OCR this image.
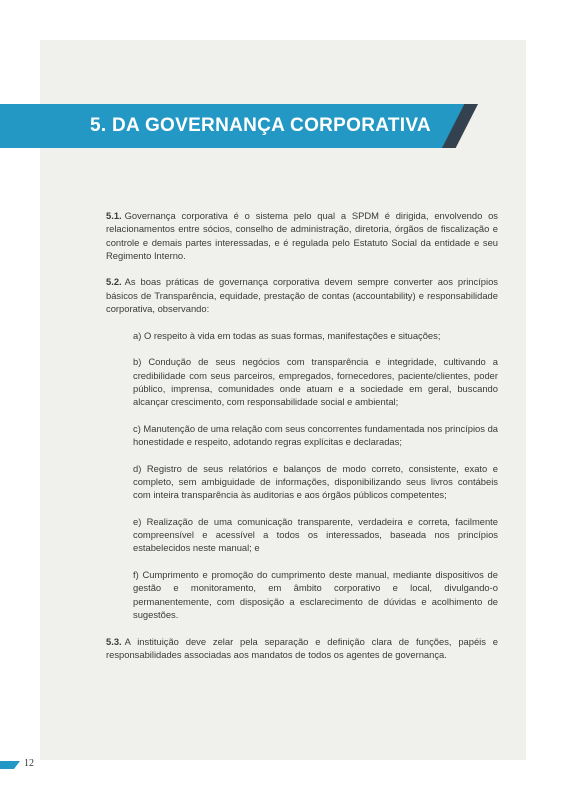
5. DA GOVERNANÇA CORPORATIVA

5.1. Governança corporativa é o sistema pelo qual a SPDM é dirigida, envolvendo os relacionamentos entre sócios, conselho de administração, diretoria, órgãos de fiscalização e controle e demais partes interessadas, e é regulada pelo Estatuto Social da entidade e seu Regimento Interno.

5.2. As boas práticas de governança corporativa devem sempre converter aos princípios básicos de Transparência, equidade, prestação de contas (accountability) e responsabilidade corporativa, observando:

a) O respeito à vida em todas as suas formas, manifestações e situações;

b) Condução de seus negócios com transparência e integridade, cultivando a credibilidade com seus parceiros, empregados, fornecedores, paciente/clientes, poder público, imprensa, comunidades onde atuam e a sociedade em geral, buscando alcançar crescimento, com responsabilidade social e ambiental;

c) Manutenção de uma relação com seus concorrentes fundamentada nos princípios da honestidade e respeito, adotando regras explícitas e declaradas;

d) Registro de seus relatórios e balanços de modo correto, consistente, exato e completo, sem ambiguidade de informações, disponibilizando seus livros contábeis com inteira transparência às auditorias e aos órgãos públicos competentes;

e) Realização de uma comunicação transparente, verdadeira e correta, facilmente compreensível e acessível a todos os interessados, baseada nos princípios estabelecidos neste manual; e

f) Cumprimento e promoção do cumprimento deste manual, mediante dispositivos de gestão e monitoramento, em âmbito corporativo e local, divulgando-o permanentemente, com disposição a esclarecimento de dúvidas e acolhimento de sugestões.

5.3. A instituição deve zelar pela separação e definição clara de funções, papéis e responsabilidades associadas aos mandatos de todos os agentes de governança.

12
